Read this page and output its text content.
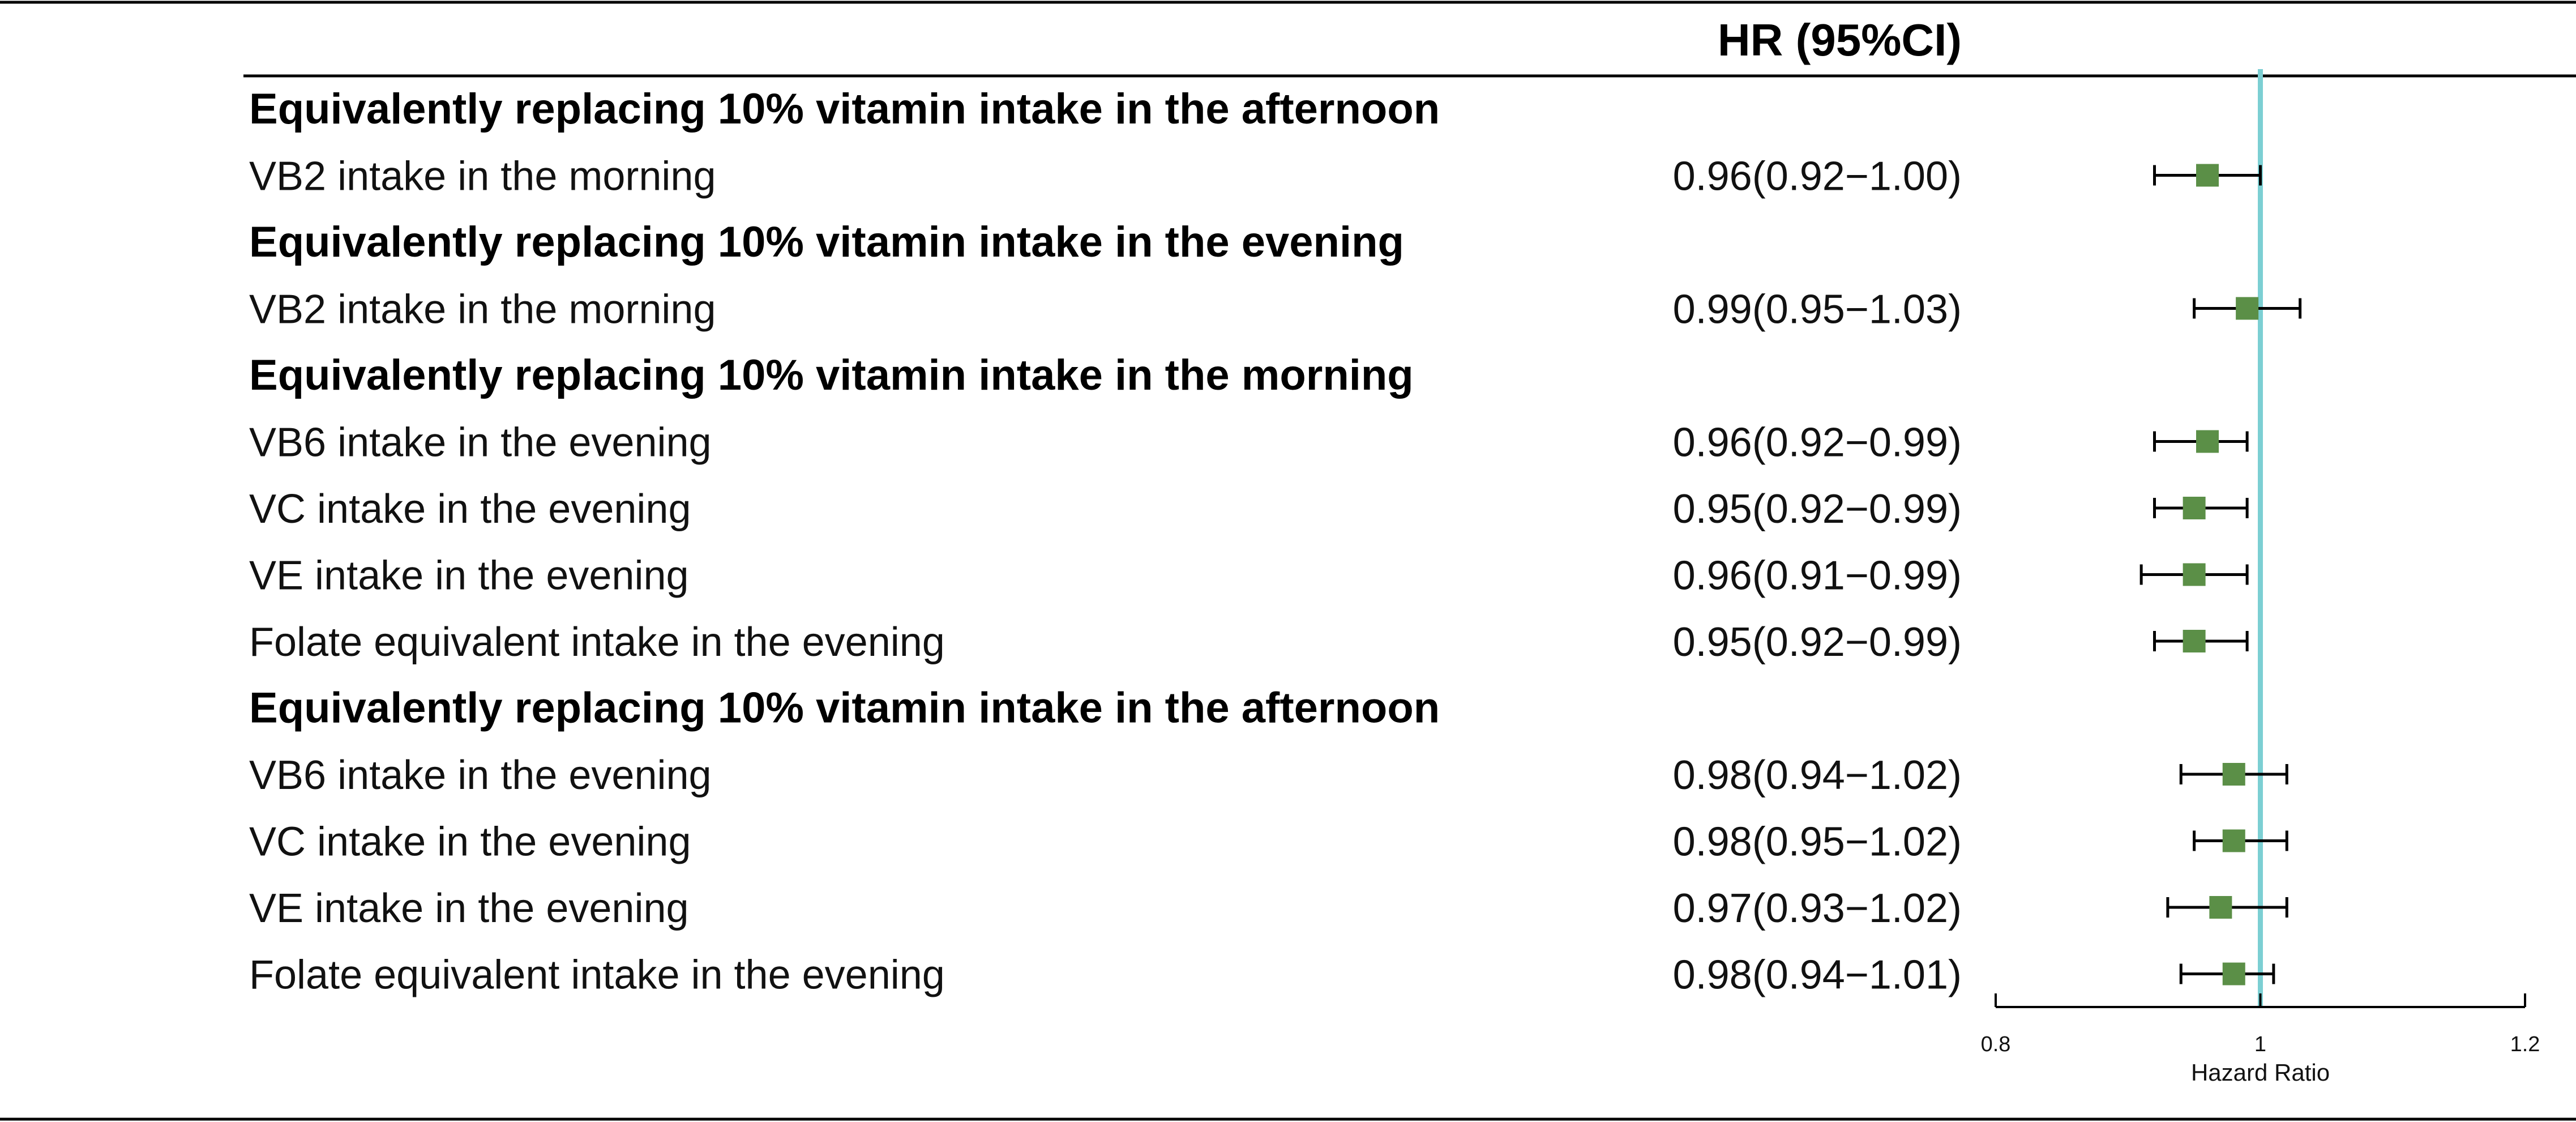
HR (95%CI)
Equivalently replacing 10% vitamin intake in the afternoon
VB2 intake in the morning	0.96(0.92−1.00)
Equivalently replacing 10% vitamin intake in the evening
VB2 intake in the morning	0.99(0.95−1.03)
Equivalently replacing 10% vitamin intake in the morning
VB6 intake in the evening	0.96(0.92−0.99)
VC intake in the evening	0.95(0.92−0.99)
VE intake in the evening	0.96(0.91−0.99)
Folate equivalent intake in the evening	0.95(0.92−0.99)
Equivalently replacing 10% vitamin intake in the afternoon
VB6 intake in the evening	0.98(0.94−1.02)
VC intake in the evening	0.98(0.95−1.02)
VE intake in the evening	0.97(0.93−1.02)
Folate equivalent intake in the evening	0.98(0.94−1.01)
0.8	1	1.2
Hazard Ratio
